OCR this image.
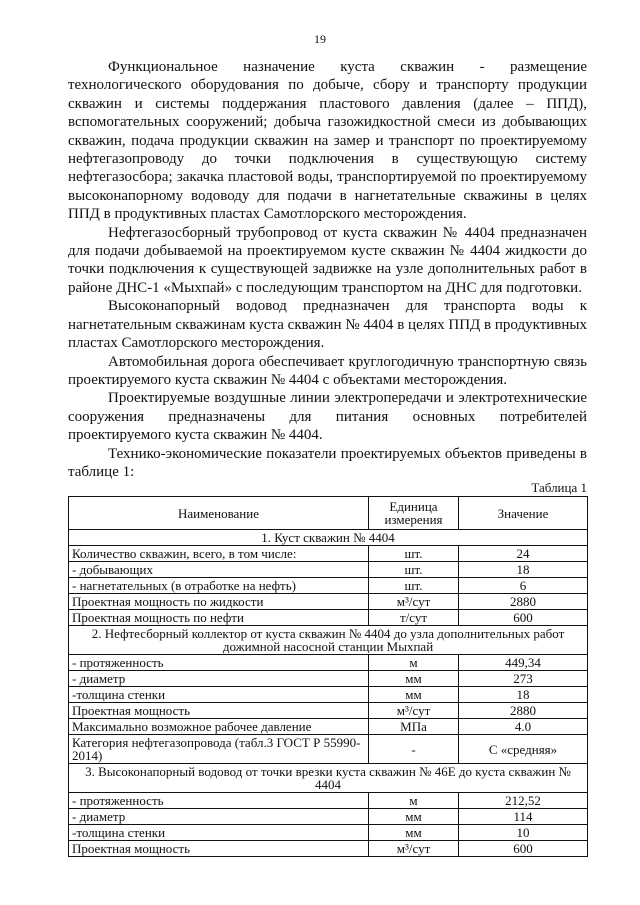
19

Функциональное назначение куста скважин - размещение технологического оборудования по добыче, сбору и транспорту продукции скважин и системы поддержания пластового давления (далее – ППД), вспомогательных сооружений; добыча газожидкостной смеси из добывающих скважин, подача продукции скважин на замер и транспорт по проектируемому нефтегазопроводу до точки подключения в существующую систему нефтегазосбора; закачка пластовой воды, транспортируемой по проектируемому высоконапорному водоводу для подачи в нагнетательные скважины в целях ППД в продуктивных пластах Самотлорского месторождения.

Нефтегазосборный трубопровод от куста скважин № 4404 предназначен для подачи добываемой на проектируемом кусте скважин № 4404 жидкости до точки подключения к существующей задвижке на узле дополнительных работ в районе ДНС-1 «Мыхпай» с последующим транспортом на ДНС для подготовки.

Высоконапорный водовод предназначен для транспорта воды к нагнетательным скважинам куста скважин № 4404 в целях ППД в продуктивных пластах Самотлорского месторождения.

Автомобильная дорога обеспечивает круглогодичную транспортную связь проектируемого куста скважин № 4404 с объектами месторождения.

Проектируемые воздушные линии электропередачи и электротехнические сооружения предназначены для питания основных потребителей проектируемого куста скважин № 4404.

Технико-экономические показатели проектируемых объектов приведены в таблице 1:

Таблица 1
Наименование	Единица измерения	Значение
1. Куст скважин № 4404		
Количество скважин, всего, в том числе:	шт.	24
- добывающих	шт.	18
- нагнетательных (в отработке на нефть)	шт.	6
Проектная мощность по жидкости	м³/сут	2880
Проектная мощность по нефти	т/сут	600
2. Нефтесборный коллектор от куста скважин № 4404 до узла дополнительных работ дожимной насосной станции Мыхпай		
- протяженность	м	449,34
- диаметр	мм	273
-толщина стенки	мм	18
Проектная мощность	м³/сут	2880
Максимально возможное рабочее давление	МПа	4.0
Категория нефтегазопровода (табл.3 ГОСТ Р 55990-2014)	-	С «средняя»
3. Высоконапорный водовод от точки врезки куста скважин № 46Е до куста скважин № 4404		
- протяженность	м	212,52
- диаметр	мм	114
-толщина стенки	мм	10
Проектная мощность	м³/сут	600
